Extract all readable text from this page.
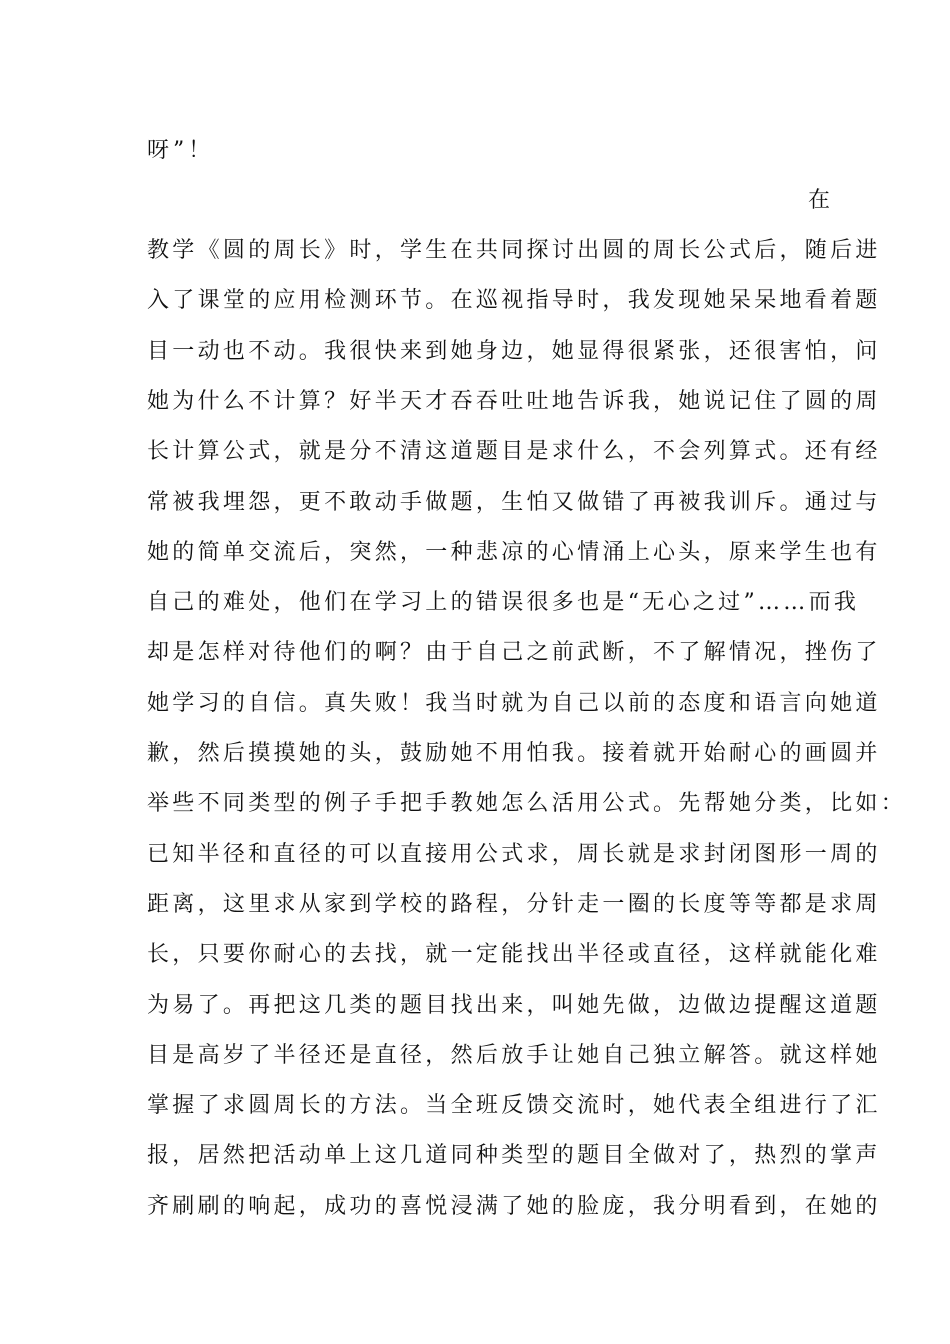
呀”！
在
教学《圆的周长》时，学生在共同探讨出圆的周长公式后，随后进
入了课堂的应用检测环节。在巡视指导时，我发现她呆呆地看着题
目一动也不动。我很快来到她身边，她显得很紧张，还很害怕，问
她为什么不计算？好半天才吞吞吐吐地告诉我，她说记住了圆的周
长计算公式，就是分不清这道题目是求什么，不会列算式。还有经
常被我埋怨，更不敢动手做题，生怕又做错了再被我训斥。通过与
她的简单交流后，突然，一种悲凉的心情涌上心头，原来学生也有
自己的难处，他们在学习上的错误很多也是“无心之过”……而我
却是怎样对待他们的啊？由于自己之前武断，不了解情况，挫伤了
她学习的自信。真失败！我当时就为自己以前的态度和语言向她道
歉，然后摸摸她的头，鼓励她不用怕我。接着就开始耐心的画圆并
举些不同类型的例子手把手教她怎么活用公式。先帮她分类，比如：
已知半径和直径的可以直接用公式求，周长就是求封闭图形一周的
距离，这里求从家到学校的路程，分针走一圈的长度等等都是求周
长，只要你耐心的去找，就一定能找出半径或直径，这样就能化难
为易了。再把这几类的题目找出来，叫她先做，边做边提醒这道题
目是高岁了半径还是直径，然后放手让她自己独立解答。就这样她
掌握了求圆周长的方法。当全班反馈交流时，她代表全组进行了汇
报，居然把活动单上这几道同种类型的题目全做对了，热烈的掌声
齐刷刷的响起，成功的喜悦浸满了她的脸庞，我分明看到，在她的
